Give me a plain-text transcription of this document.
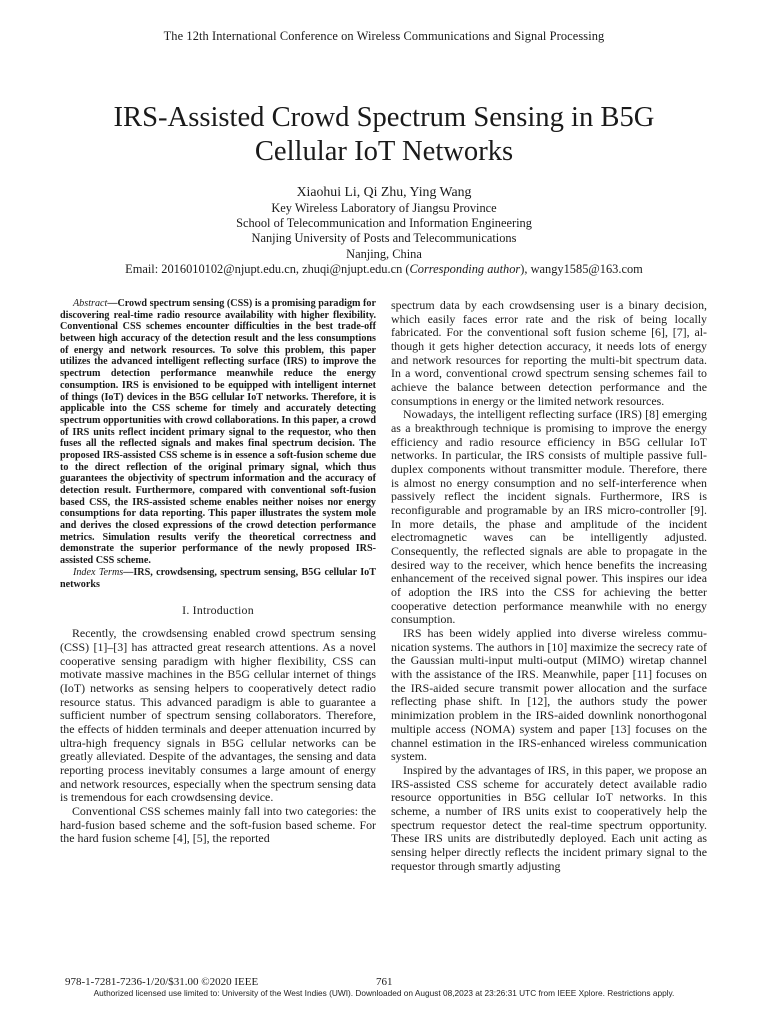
The 12th International Conference on Wireless Communications and Signal Processing
IRS-Assisted Crowd Spectrum Sensing in B5G
Cellular IoT Networks
Xiaohui Li, Qi Zhu, Ying Wang
Key Wireless Laboratory of Jiangsu Province
School of Telecommunication and Information Engineering
Nanjing University of Posts and Telecommunications
Nanjing, China
Email: 2016010102@njupt.edu.cn, zhuqi@njupt.edu.cn (Corresponding author), wangy1585@163.com

Abstract—Crowd spectrum sensing (CSS) is a promising paradigm for discovering real-time radio resource availability with higher flexibility. Conventional CSS schemes encounter difficulties in the best trade-off between high accuracy of the detection result and the less consumptions of energy and network resources. To solve this problem, this paper utilizes the advanced intelligent reflecting surface (IRS) to improve the spectrum detection performance meanwhile reduce the energy consumption. IRS is envisioned to be equipped with intelligent internet of things (IoT) devices in the B5G cellular IoT networks. Therefore, it is applicable into the CSS scheme for timely and accurately detecting spectrum opportunities with crowd collaborations. In this paper, a crowd of IRS units reflect incident primary signal to the requestor, who then fuses all the reflected signals and makes final spectrum decision. The proposed IRS-assisted CSS scheme is in essence a soft-fusion scheme due to the direct reflection of the original primary signal, which thus guarantees the objectivity of spectrum information and the accuracy of detection result. Furthermore, compared with conventional soft-fusion based CSS, the IRS-assisted scheme enables neither noises nor energy consumptions for data reporting. This paper illustrates the system mole and derives the closed expressions of the crowd detection performance metrics. Simulation results verify the theoretical correctness and demonstrate the superior performance of the newly proposed IRS-assisted CSS scheme.

Index Terms—IRS, crowdsensing, spectrum sensing, B5G cellular IoT networks

I. Introduction

Recently, the crowdsensing enabled crowd spectrum sensing (CSS) [1]–[3] has attracted great research attentions. As a novel cooperative sensing paradigm with higher flexibility, CSS can motivate massive machines in the B5G cellular internet of things (IoT) networks as sensing helpers to cooperatively detect radio resource status. This advanced paradigm is able to guarantee a sufficient number of spectrum sensing collaborators. Therefore, the effects of hidden terminals and deeper attenuation incurred by ultra-high frequency signals in B5G cellular networks can be greatly alleviated. Despite of the advantages, the sensing and data reporting process inevitably consumes a large amount of energy and network resources, especially when the spectrum sensing data is tremendous for each crowdsensing device.

Conventional CSS schemes mainly fall into two categories: the hard-fusion based scheme and the soft-fusion based scheme. For the hard fusion scheme [4], [5], the reported

spectrum data by each crowdsensing user is a binary decision, which easily faces error rate and the risk of being locally fabricated. For the conventional soft fusion scheme [6], [7], although it gets higher detection accuracy, it needs lots of energy and network resources for reporting the multi-bit spectrum data. In a word, conventional crowd spectrum sensing schemes fail to achieve the balance between detection performance and the consumptions in energy or the limited network resources.

Nowadays, the intelligent reflecting surface (IRS) [8] emerging as a breakthrough technique is promising to improve the energy efficiency and radio resource efficiency in B5G cellular IoT networks. In particular, the IRS consists of multiple passive full-duplex components without transmitter module. Therefore, there is almost no energy consumption and no self-interference when passively reflect the incident signals. Furthermore, IRS is reconfigurable and programable by an IRS micro-controller [9]. In more details, the phase and amplitude of the incident electromagnetic waves can be intelligently adjusted. Consequently, the reflected signals are able to propagate in the desired way to the receiver, which hence benefits the increasing enhancement of the received signal power. This inspires our idea of adoption the IRS into the CSS for achieving the better cooperative detection performance meanwhile with no energy consumption.

IRS has been widely applied into diverse wireless communication systems. The authors in [10] maximize the secrecy rate of the Gaussian multi-input multi-output (MIMO) wiretap channel with the assistance of the IRS. Meanwhile, paper [11] focuses on the IRS-aided secure transmit power allocation and the surface reflecting phase shift. In [12], the authors study the power minimization problem in the IRS-aided downlink nonorthogonal multiple access (NOMA) system and paper [13] focuses on the channel estimation in the IRS-enhanced wireless communication system.

Inspired by the advantages of IRS, in this paper, we propose an IRS-assisted CSS scheme for accurately detect available radio resource opportunities in B5G cellular IoT networks. In this scheme, a number of IRS units exist to cooperatively help the spectrum requestor detect the real-time spectrum opportunity. These IRS units are distributedly deployed. Each unit acting as sensing helper directly reflects the incident primary signal to the requestor through smartly adjusting

978-1-7281-7236-1/20/$31.00 ©2020 IEEE	761
Authorized licensed use limited to: University of the West Indies (UWI). Downloaded on August 08,2023 at 23:26:31 UTC from IEEE Xplore. Restrictions apply.
